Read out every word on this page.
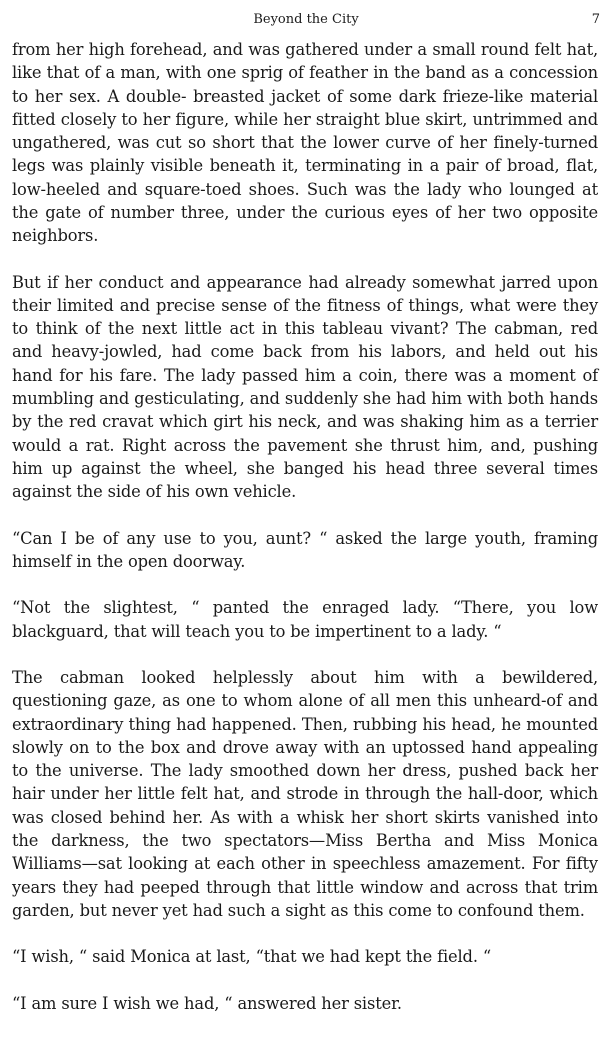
Beyond the City	7

from her high forehead, and was gathered under a small round felt hat, like that of a man, with one sprig of feather in the band as a concession to her sex. A double- breasted jacket of some dark frieze-like material fitted closely to her figure, while her straight blue skirt, untrimmed and ungathered, was cut so short that the lower curve of her finely-turned legs was plainly visible beneath it, terminating in a pair of broad, flat, low-heeled and square-toed shoes. Such was the lady who lounged at the gate of number three, under the curious eyes of her two opposite neighbors.

But if her conduct and appearance had already somewhat jarred upon their limited and precise sense of the fitness of things, what were they to think of the next little act in this tableau vivant? The cabman, red and heavy-jowled, had come back from his labors, and held out his hand for his fare. The lady passed him a coin, there was a moment of mumbling and gesticulating, and suddenly she had him with both hands by the red cravat which girt his neck, and was shaking him as a terrier would a rat. Right across the pavement she thrust him, and, pushing him up against the wheel, she banged his head three several times against the side of his own vehicle.

“Can I be of any use to you, aunt? “ asked the large youth, framing himself in the open doorway.

“Not the slightest, “ panted the enraged lady. “There, you low blackguard, that will teach you to be impertinent to a lady. “

The cabman looked helplessly about him with a bewildered, questioning gaze, as one to whom alone of all men this unheard-of and extraordinary thing had happened. Then, rubbing his head, he mounted slowly on to the box and drove away with an uptossed hand appealing to the universe. The lady smoothed down her dress, pushed back her hair under her little felt hat, and strode in through the hall-door, which was closed behind her. As with a whisk her short skirts vanished into the darkness, the two spectators—Miss Bertha and Miss Monica Williams—sat looking at each other in speechless amazement. For fifty years they had peeped through that little window and across that trim garden, but never yet had such a sight as this come to confound them.

“I wish, “ said Monica at last, “that we had kept the field. “

“I am sure I wish we had, “ answered her sister.
